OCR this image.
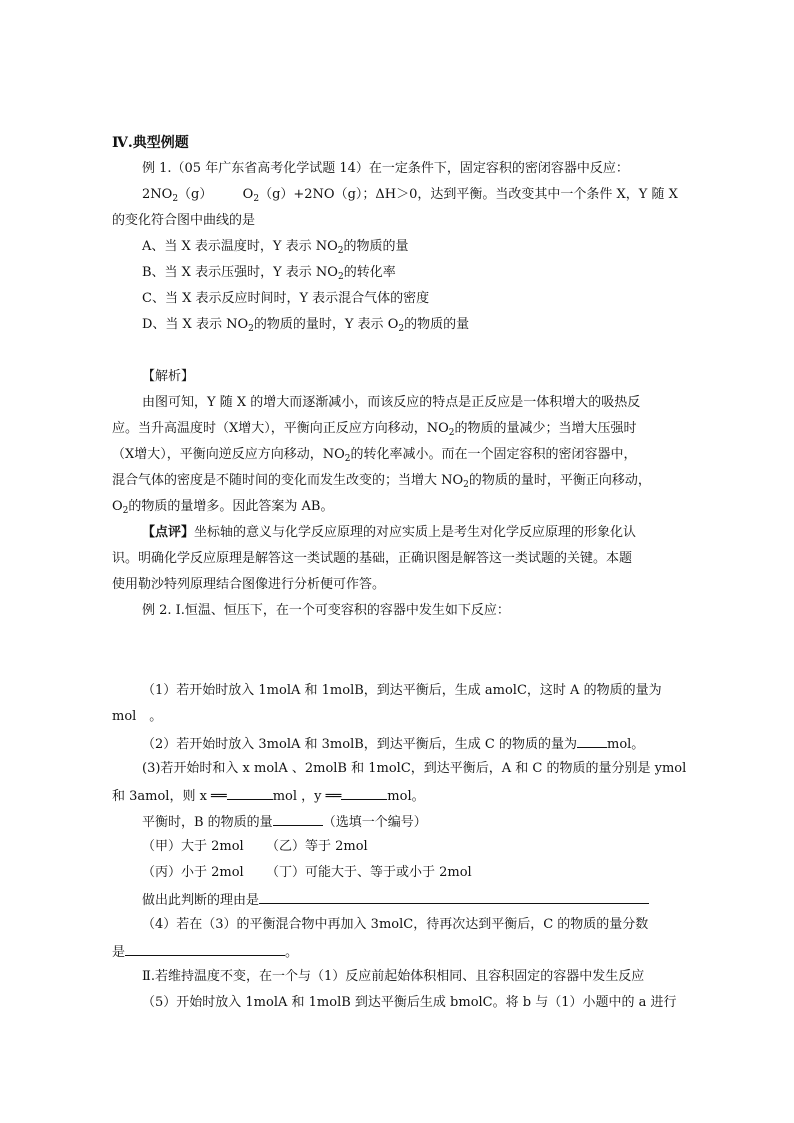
Ⅳ.典型例题
例 1.（05 年广东省高考化学试题 14）在一定条件下，固定容积的密闭容器中反应：
$2NO_2(g)$ $O_2(g)+2NO(g)$；ΔH＞0，达到平衡。当改变其中一个条件 X，Y 随 X
的变化符合图中曲线的是
A、当 X 表示温度时，Y 表示 $NO_2$的物质的量
B、当 X 表示压强时，Y 表示 $NO_2$的转化率
C、当 X 表示反应时间时，Y 表示混合气体的密度
D、当 X 表示 $NO_2$的物质的量时，Y 表示 $O_2$的物质的量
【解析】
由图可知，Y 随 X 的增大而逐渐减小，而该反应的特点是正反应是一体积增大的吸热反
应。当升高温度时（X增大），平衡向正反应方向移动，$NO_2$的物质的量减少；当增大压强时
（X增大），平衡向逆反应方向移动，$NO_2$的转化率减小。而在一个固定容积的密闭容器中，
混合气体的密度是不随时间的变化而发生改变的；当增大 $NO_2$的物质的量时，平衡正向移动，
$O_2$的物质的量增多。因此答案为 AB。
【点评】坐标轴的意义与化学反应原理的对应实质上是考生对化学反应原理的形象化认
识。明确化学反应原理是解答这一类试题的基础，正确识图是解答这一类试题的关键。本题
使用勒沙特列原理结合图像进行分析便可作答。
例 2. Ⅰ.恒温、恒压下，在一个可变容积的容器中发生如下反应：
（1）若开始时放入 1molA 和 1molB，到达平衡后，生成 amolC，这时 A 的物质的量为
mol　。
（2）若开始时放入 3molA 和 3molB，到达平衡后，生成 C 的物质的量为 mol。
(3)若开始时和入 x molA 、2molB 和 1molC，到达平衡后，A 和 C 的物质的量分别是 ymol
和 3amol，则 x ══	mol ，y ══	mol。
平衡时，B 的物质的量	（选填一个编号）
（甲）大于 2mol （乙）等于 2mol
（丙）小于 2mol （丁）可能大于、等于或小于 2mol
做出此判断的理由是
（4）若在（3）的平衡混合物中再加入 3molC，待再次达到平衡后，C 的物质的量分数
是	。
Ⅱ.若维持温度不变，在一个与（1）反应前起始体积相同、且容积固定的容器中发生反应
（5）开始时放入 1molA 和 1molB 到达平衡后生成 bmolC。将 b 与（1）小题中的 a 进行
